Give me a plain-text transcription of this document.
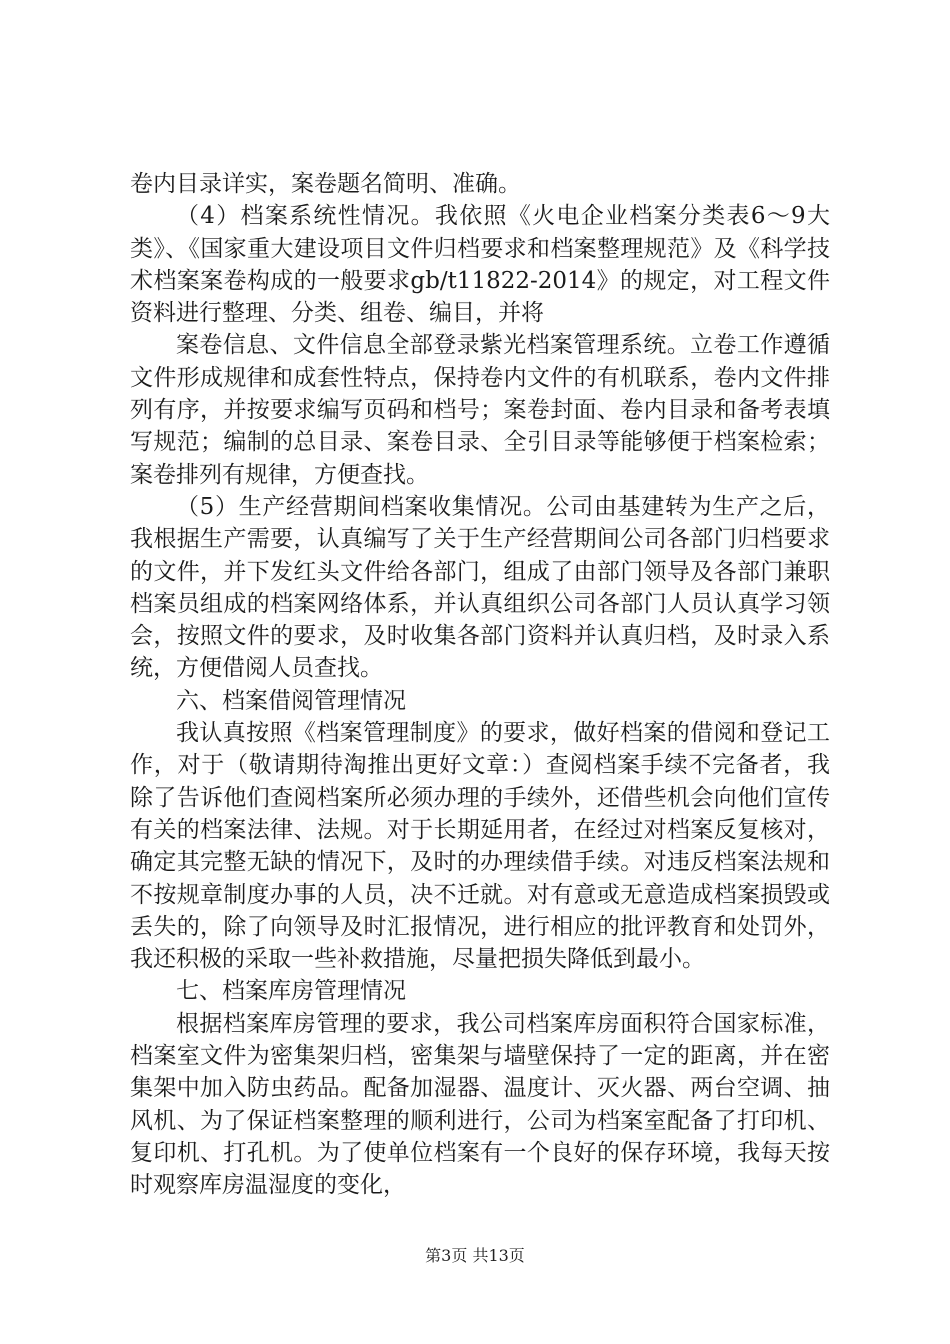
卷内目录详实，案卷题名简明、准确。

（4）档案系统性情况。我依照《火电企业档案分类表6～9大类》、《国家重大建设项目文件归档要求和档案整理规范》及《科学技术档案案卷构成的一般要求gb/t11822-2014》的规定，对工程文件资料进行整理、分类、组卷、编目，并将

案卷信息、文件信息全部登录紫光档案管理系统。立卷工作遵循文件形成规律和成套性特点，保持卷内文件的有机联系，卷内文件排列有序，并按要求编写页码和档号；案卷封面、卷内目录和备考表填写规范；编制的总目录、案卷目录、全引目录等能够便于档案检索；案卷排列有规律，方便查找。

（5）生产经营期间档案收集情况。公司由基建转为生产之后，我根据生产需要，认真编写了关于生产经营期间公司各部门归档要求的文件，并下发红头文件给各部门，组成了由部门领导及各部门兼职档案员组成的档案网络体系，并认真组织公司各部门人员认真学习领会，按照文件的要求，及时收集各部门资料并认真归档，及时录入系统，方便借阅人员查找。

六、档案借阅管理情况

我认真按照《档案管理制度》的要求，做好档案的借阅和登记工作，对于（敬请期待淘推出更好文章：）查阅档案手续不完备者，我除了告诉他们查阅档案所必须办理的手续外，还借些机会向他们宣传有关的档案法律、法规。对于长期延用者，在经过对档案反复核对，确定其完整无缺的情况下，及时的办理续借手续。对违反档案法规和不按规章制度办事的人员，决不迁就。对有意或无意造成档案损毁或丢失的，除了向领导及时汇报情况，进行相应的批评教育和处罚外，我还积极的采取一些补救措施，尽量把损失降低到最小。

七、档案库房管理情况

根据档案库房管理的要求，我公司档案库房面积符合国家标准，档案室文件为密集架归档，密集架与墙壁保持了一定的距离，并在密集架中加入防虫药品。配备加湿器、温度计、灭火器、两台空调、抽风机、为了保证档案整理的顺利进行，公司为档案室配备了打印机、复印机、打孔机。为了使单位档案有一个良好的保存环境，我每天按时观察库房温湿度的变化，

第3页 共13页
